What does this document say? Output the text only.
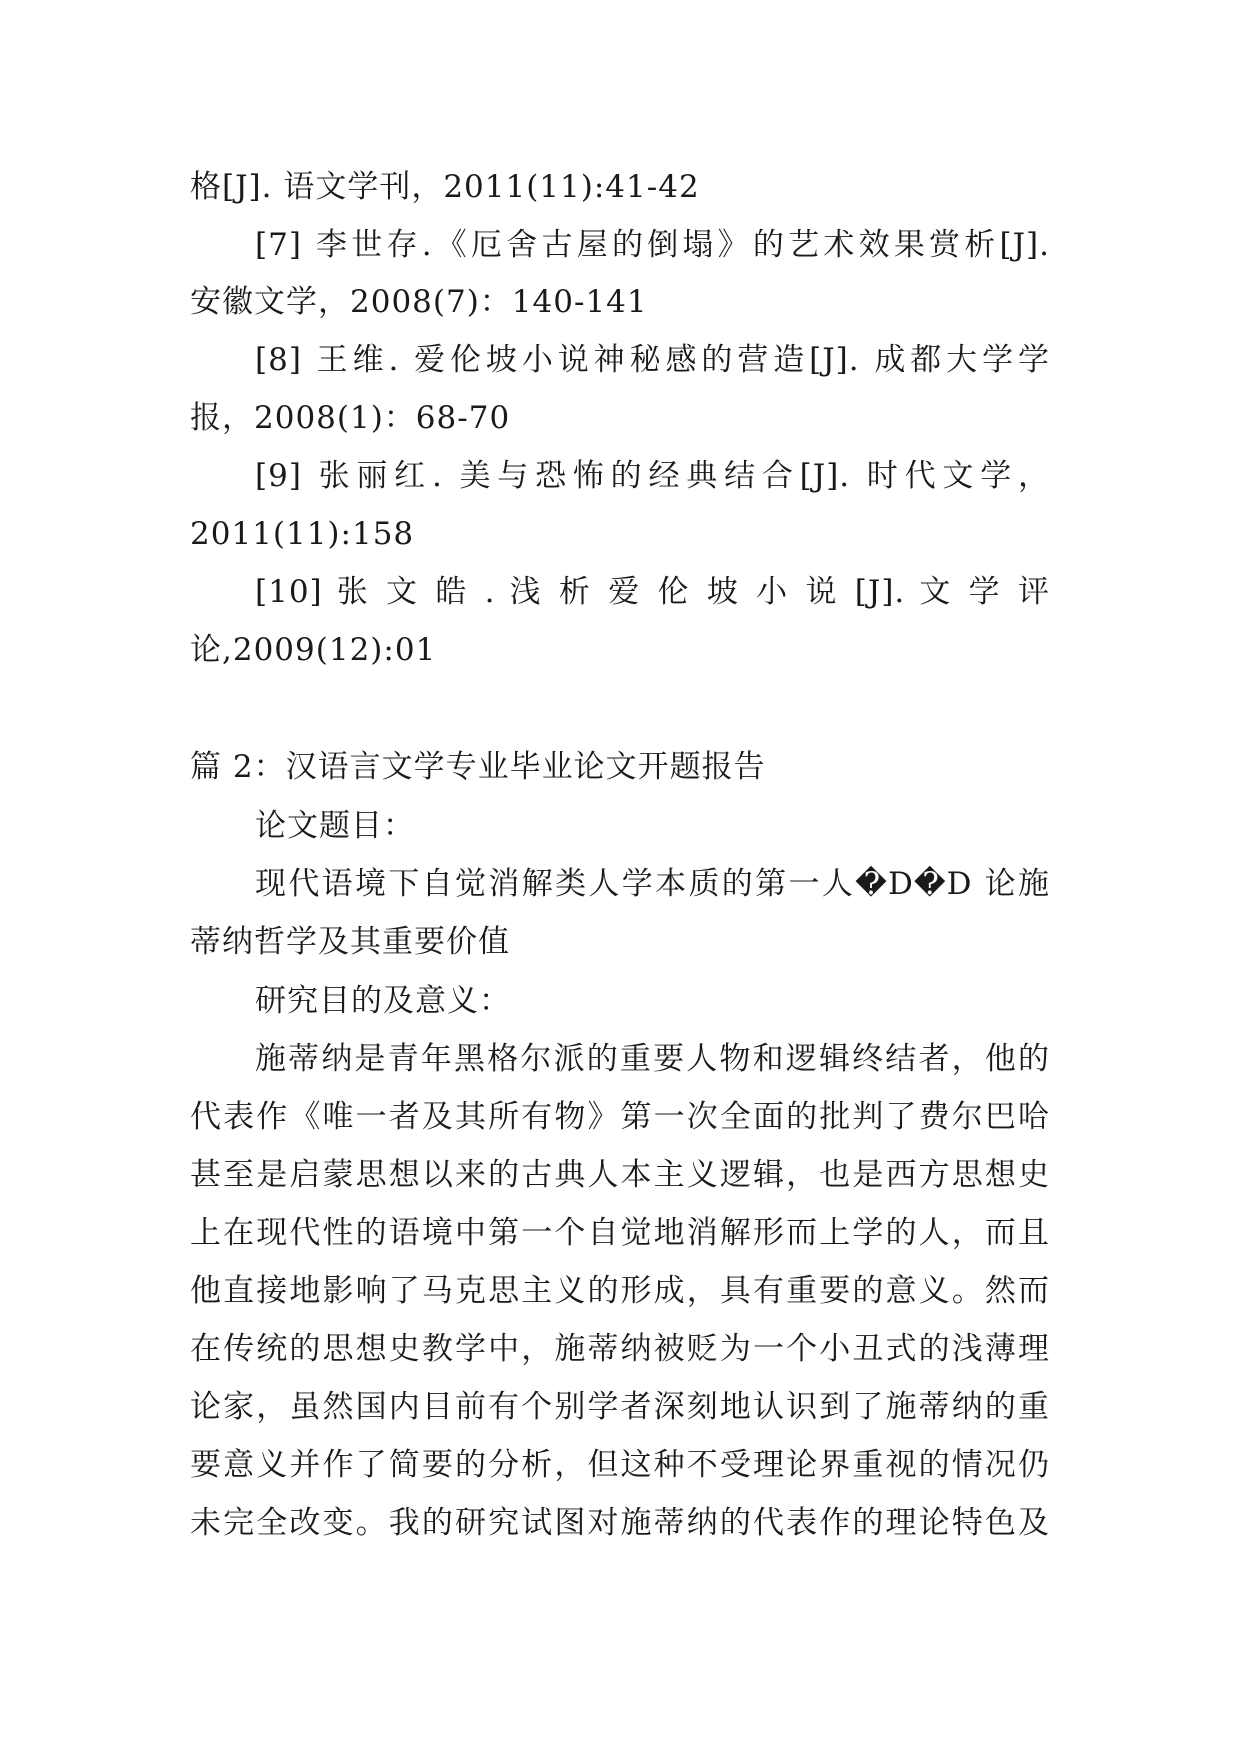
格[J]. 语文学刊，2011(11):41-42
[7] 李世存.《厄舍古屋的倒塌》的艺术效果赏析[J].
安徽文学，2008(7)：140-141
[8] 王维. 爱伦坡小说神秘感的营造[J]. 成都大学学
报，2008(1)：68-70
[9] 张丽红. 美与恐怖的经典结合[J]. 时代文学，
2011(11):158
[10] 张 文 皓 . 浅 析 爱 伦 坡 小 说 [J]. 文 学 评
论,2009(12):01
篇 2：汉语言文学专业毕业论文开题报告
论文题目：
现代语境下自觉消解类人学本质的第一人�D�D 论施
蒂纳哲学及其重要价值
研究目的及意义：
施蒂纳是青年黑格尔派的重要人物和逻辑终结者，他的
代表作《唯一者及其所有物》第一次全面的批判了费尔巴哈
甚至是启蒙思想以来的古典人本主义逻辑，也是西方思想史
上在现代性的语境中第一个自觉地消解形而上学的人，而且
他直接地影响了马克思主义的形成，具有重要的意义。然而
在传统的思想史教学中，施蒂纳被贬为一个小丑式的浅薄理
论家，虽然国内目前有个别学者深刻地认识到了施蒂纳的重
要意义并作了简要的分析，但这种不受理论界重视的情况仍
未完全改变。我的研究试图对施蒂纳的代表作的理论特色及
